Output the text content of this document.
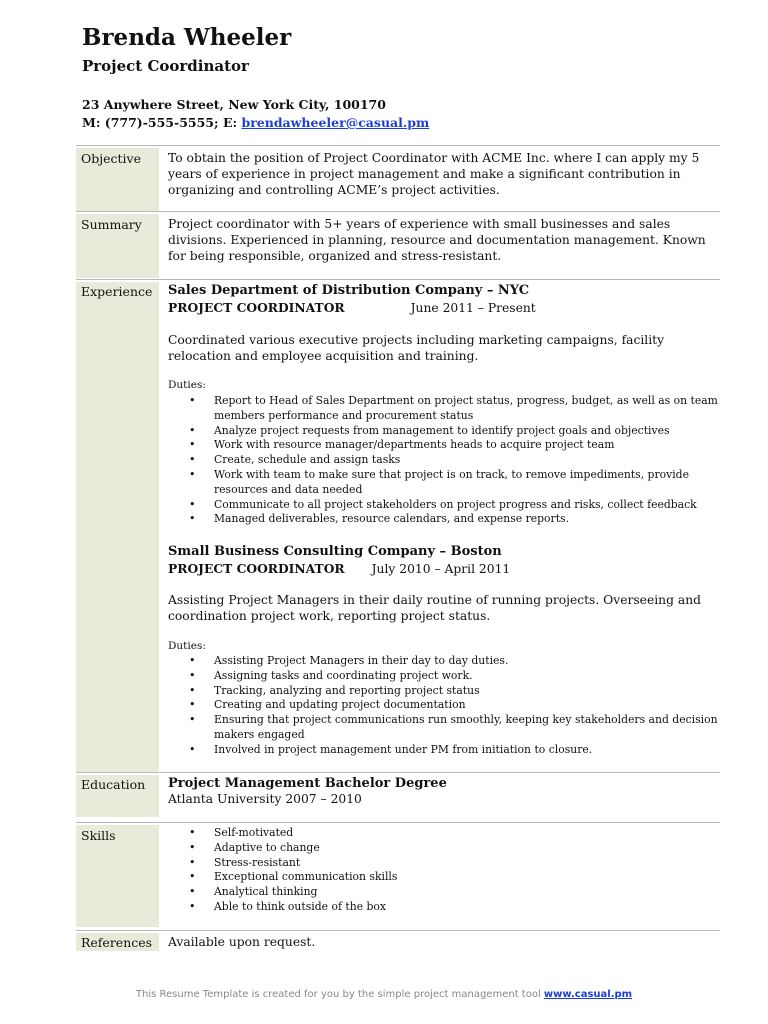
Brenda Wheeler
Project Coordinator
23 Anywhere Street, New York City, 100170
M: (777)-555-5555; E: brendawheeler@casual.pm
Objective To obtain the position of Project Coordinator with ACME Inc. where I can apply my 5 years of experience in project management and make a significant contribution in organizing and controlling ACME’s project activities.
Summary Project coordinator with 5+ years of experience with small businesses and sales divisions. Experienced in planning, resource and documentation management. Known for being responsible, organized and stress-resistant.
Experience Sales Department of Distribution Company – NYC
PROJECT COORDINATOR	June 2011 – Present
Coordinated various executive projects including marketing campaigns, facility relocation and employee acquisition and training.
Duties:
• Report to Head of Sales Department on project status, progress, budget, as well as on team members performance and procurement status
• Analyze project requests from management to identify project goals and objectives
• Work with resource manager/departments heads to acquire project team
• Create, schedule and assign tasks
• Work with team to make sure that project is on track, to remove impediments, provide resources and data needed
• Communicate to all project stakeholders on project progress and risks, collect feedback
• Managed deliverables, resource calendars, and expense reports.
Small Business Consulting Company – Boston
PROJECT COORDINATOR July 2010 – April 2011
Assisting Project Managers in their daily routine of running projects. Overseeing and coordination project work, reporting project status.
Duties:
• Assisting Project Managers in their day to day duties.
• Assigning tasks and coordinating project work.
• Tracking, analyzing and reporting project status
• Creating and updating project documentation
• Ensuring that project communications run smoothly, keeping key stakeholders and decision makers engaged
• Involved in project management under PM from initiation to closure.
Education Project Management Bachelor Degree
Atlanta University 2007 – 2010
Skills
•	Self-motivated
• Adaptive to change
• Stress-resistant
• Exceptional communication skills
• Analytical thinking
• Able to think outside of the box
References Available upon request.
This Resume Template is created for you by the simple project management tool www.casual.pm
